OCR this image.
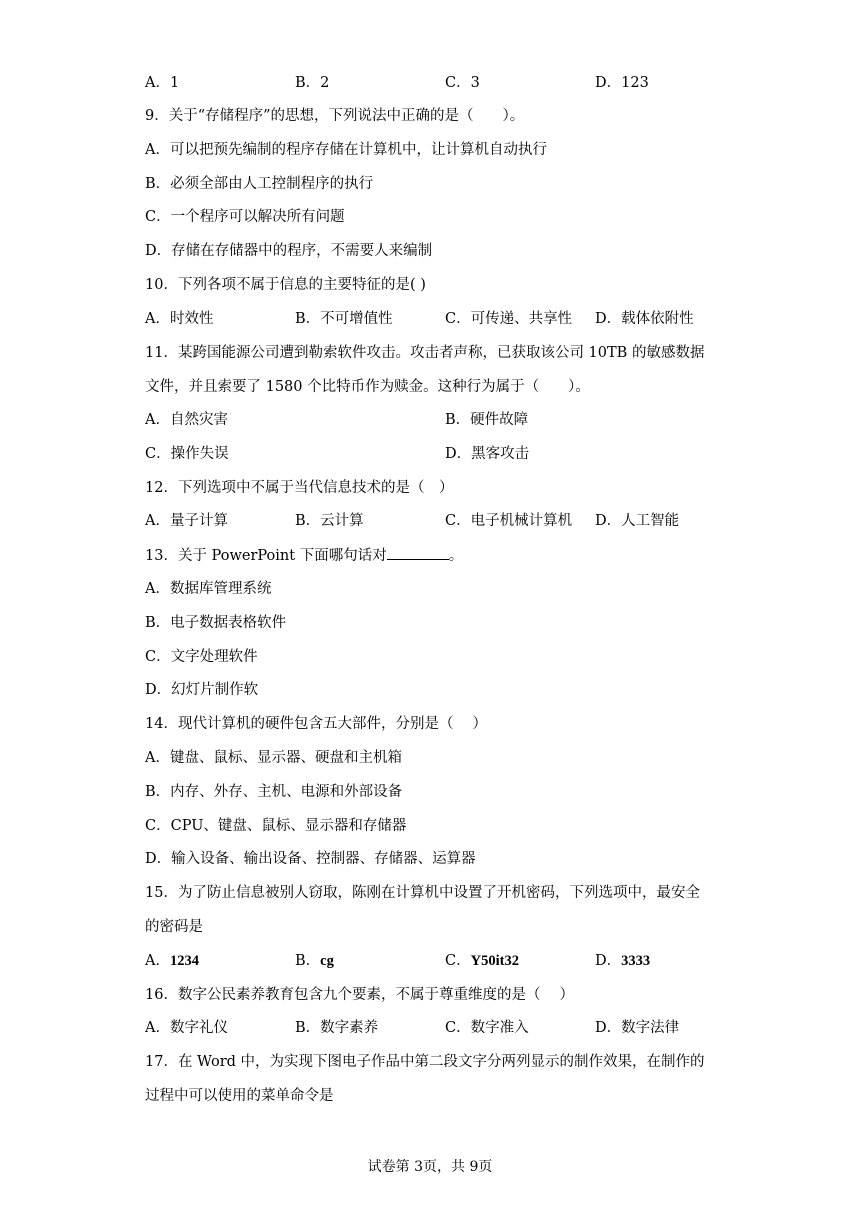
A．1	B．2	C．3	D．123
9．关于“存储程序”的思想，下列说法中正确的是（　　）。
A．可以把预先编制的程序存储在计算机中，让计算机自动执行
B．必须全部由人工控制程序的执行
C．一个程序可以解决所有问题
D．存储在存储器中的程序，不需要人来编制
10．下列各项不属于信息的主要特征的是( )
A．时效性	B．不可增值性	C．可传递、共享性 D．载体依附性
11．某跨国能源公司遭到勒索软件攻击。攻击者声称，已获取该公司 10TB 的敏感数据
文件，并且索要了 1580 个比特币作为赎金。这种行为属于（　　）。
A．自然灾害	B．硬件故障
C．操作失误	D．黑客攻击
12．下列选项中不属于当代信息技术的是（　）
A．量子计算	B．云计算	C．电子机械计算机 D．人工智能
13．关于 PowerPoint 下面哪句话对	。
A．数据库管理系统
B．电子数据表格软件
C．文字处理软件
D．幻灯片制作软
14．现代计算机的硬件包含五大部件，分别是（　 ）
A．键盘、鼠标、显示器、硬盘和主机箱
B．内存、外存、主机、电源和外部设备
C．CPU、键盘、鼠标、显示器和存储器
D．输入设备、输出设备、控制器、存储器、运算器
15．为了防止信息被别人窃取，陈刚在计算机中设置了开机密码，下列选项中，最安全
的密码是
A．1234	B．cg	C．Y50it32	D．3333
16．数字公民素养教育包含九个要素，不属于尊重维度的是（　 ）
A．数字礼仪	B．数字素养	C．数字准入	D．数字法律
17．在 Word 中，为实现下图电子作品中第二段文字分两列显示的制作效果，在制作的
过程中可以使用的菜单命令是
试卷第 3页，共 9页
